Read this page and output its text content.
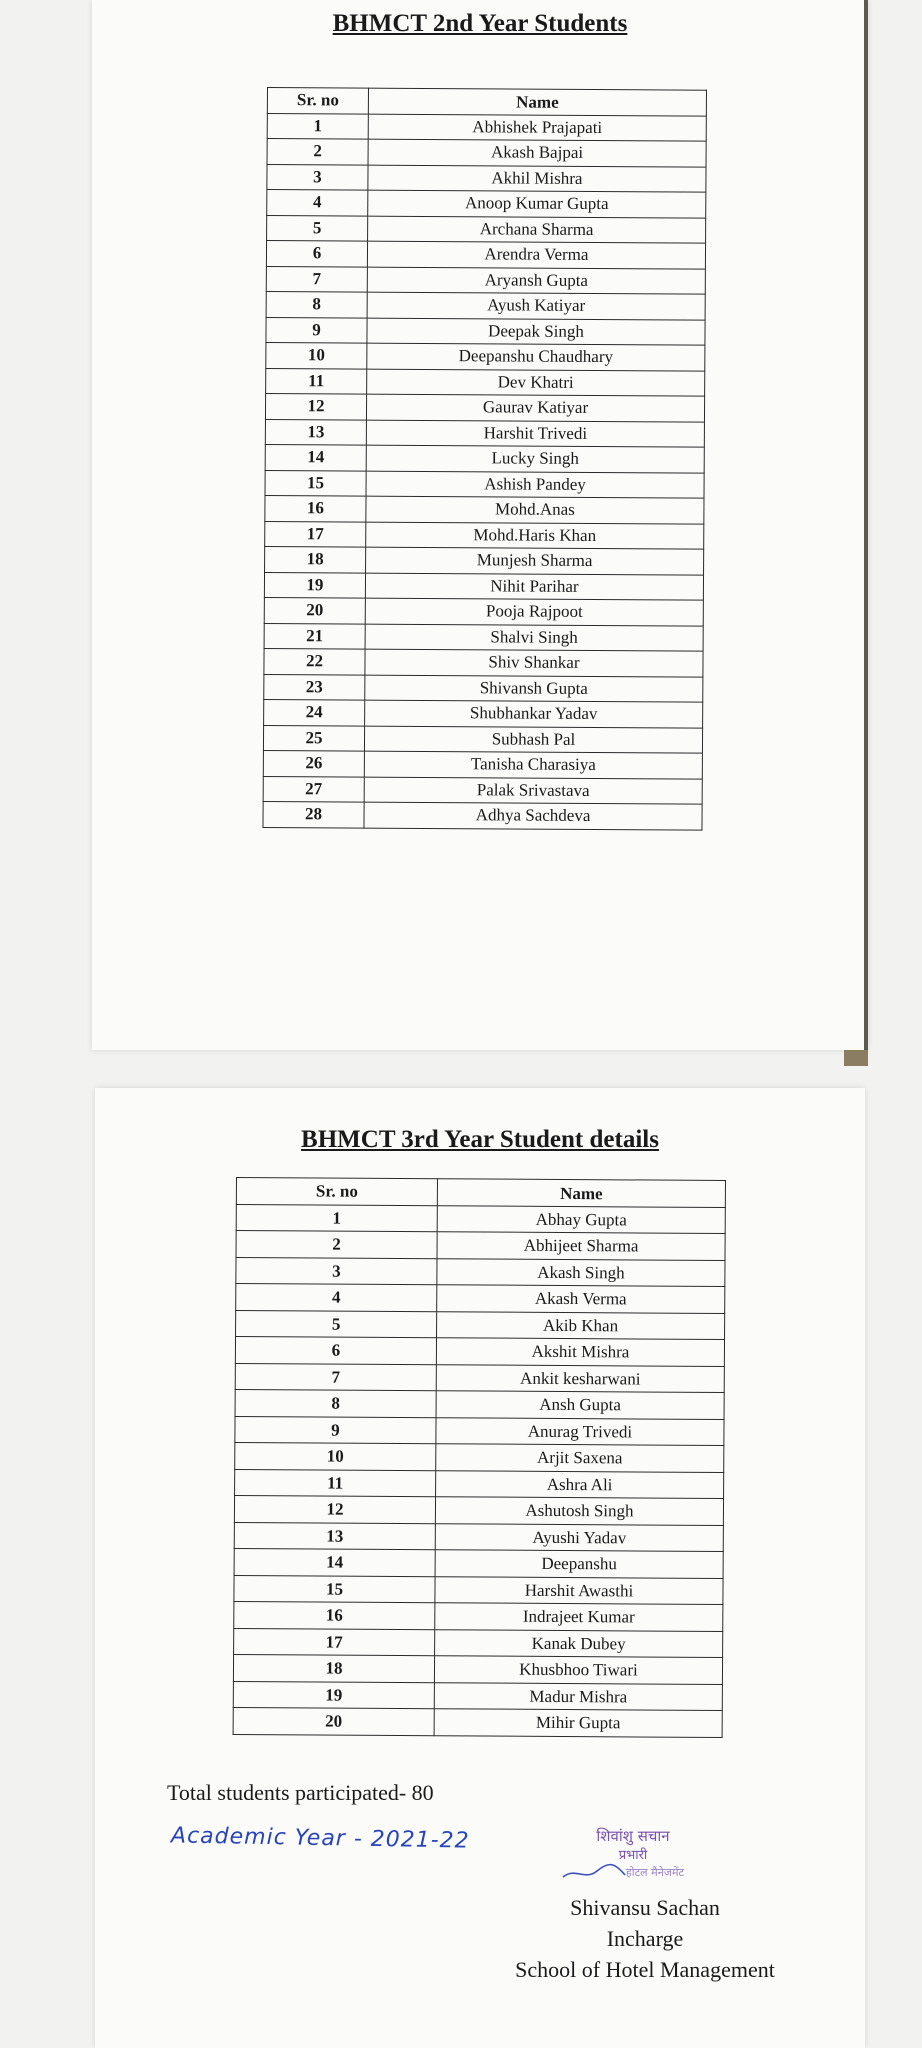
BHMCT 2nd Year Students
Sr. no	Name
1	Abhishek Prajapati
2	Akash Bajpai
3	Akhil Mishra
4	Anoop Kumar Gupta
5	Archana Sharma
6	Arendra Verma
7	Aryansh Gupta
8	Ayush Katiyar
9	Deepak Singh
10	Deepanshu Chaudhary
11	Dev Khatri
12	Gaurav Katiyar
13	Harshit Trivedi
14	Lucky Singh
15	Ashish Pandey
16	Mohd.Anas
17	Mohd.Haris Khan
18	Munjesh Sharma
19	Nihit Parihar
20	Pooja Rajpoot
21	Shalvi Singh
22	Shiv Shankar
23	Shivansh Gupta
24	Shubhankar Yadav
25	Subhash Pal
26	Tanisha Charasiya
27	Palak Srivastava
28	Adhya Sachdeva
BHMCT 3rd Year Student details
Sr. no	Name
1	Abhay Gupta
2	Abhijeet Sharma
3	Akash Singh
4	Akash Verma
5	Akib Khan
6	Akshit Mishra
7	Ankit kesharwani
8	Ansh Gupta
9	Anurag Trivedi
10	Arjit Saxena
11	Ashra Ali
12	Ashutosh Singh
13	Ayushi Yadav
14	Deepanshu
15	Harshit Awasthi
16	Indrajeet Kumar
17	Kanak Dubey
18	Khusbhoo Tiwari
19	Madur Mishra
20	Mihir Gupta
Total students participated- 80
Academic Year - 2021-22	शिवांशु सचान
प्रभारी
होटल मैनेजमेंट
Shivansu Sachan
Incharge
School of Hotel Management
